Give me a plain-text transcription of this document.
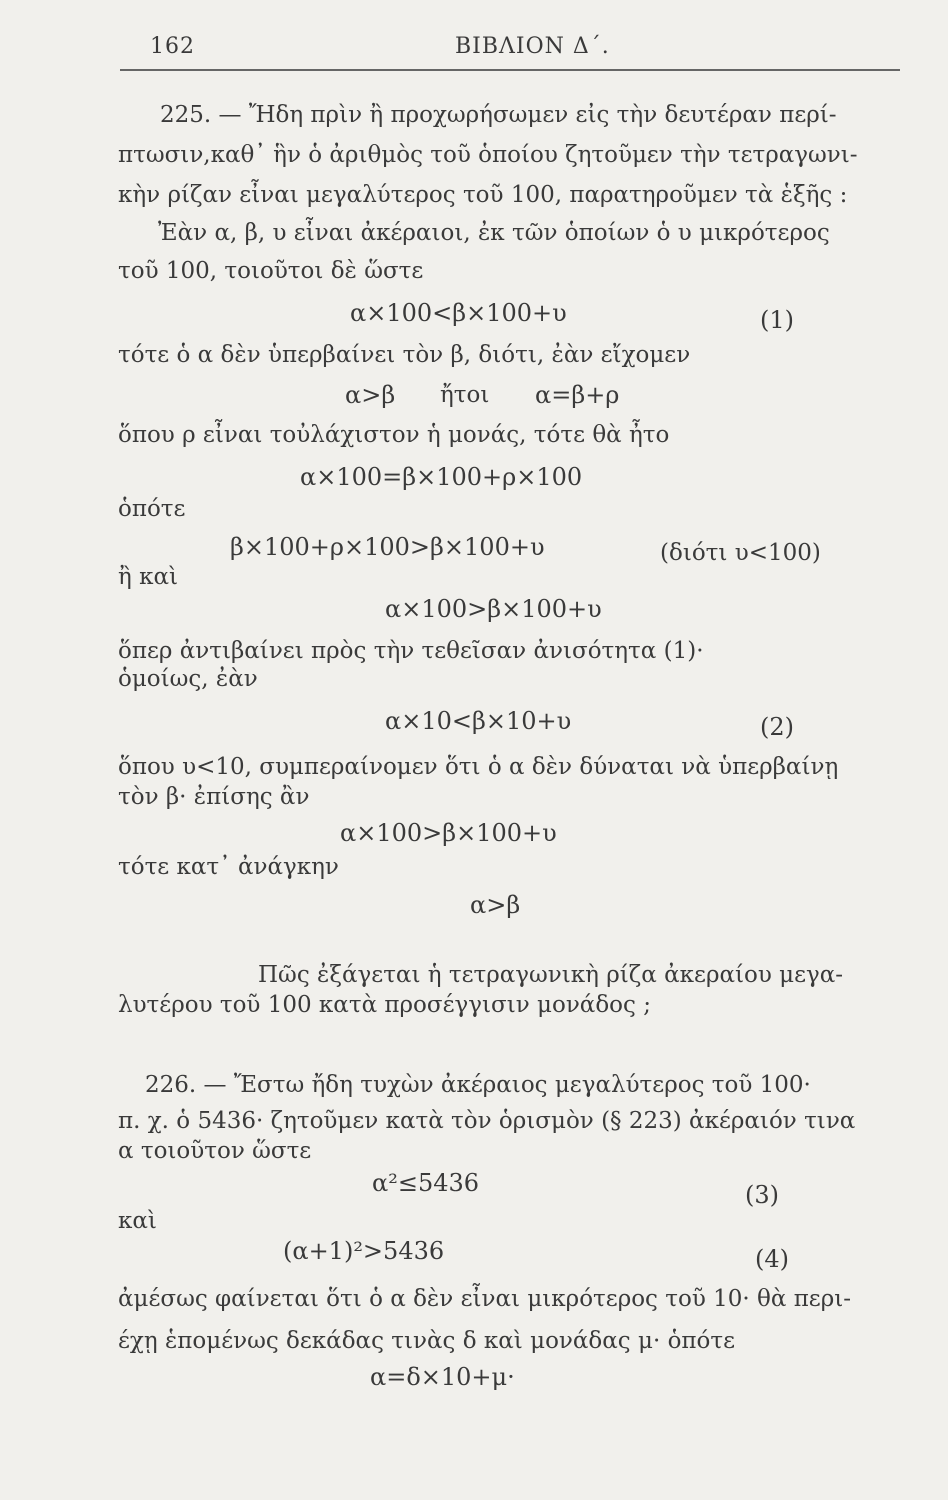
162	ΒΙΒΛΙΟΝ Δ΄.
225. — Ἤδη πρὶν ἢ προχωρήσωμεν εἰς τὴν δευτέραν περί-
πτωσιν,καθ᾽ ἣν ὁ ἀριθμὸς τοῦ ὁποίου ζητοῦμεν τὴν τετραγωνι-
κὴν ρίζαν εἶναι μεγαλύτερος τοῦ 100, παρατηροῦμεν τὰ ἑξῆς :
Ἐὰν α, β, υ εἶναι ἀκέραιοι, ἐκ τῶν ὁποίων ὁ υ μικρότερος
τοῦ 100, τοιοῦτοι δὲ ὥστε
α×100<β×100+υ	(1)
τότε ὁ α δὲν ὑπερβαίνει τὸν β, διότι, ἐὰν εἴχομεν
α>β ἤτοι α=β+ρ
ὅπου ρ εἶναι τοὐλάχιστον ἡ μονάς, τότε θὰ ἦτο
α×100=β×100+ρ×100
ὁπότε
β×100+ρ×100>β×100+υ	(διότι υ<100)
ἢ καὶ
α×100>β×100+υ
ὅπερ ἀντιβαίνει πρὸς τὴν τεθεῖσαν ἀνισότητα (1)·
ὁμοίως, ἐὰν
α×10<β×10+υ	(2)
ὅπου υ<10, συμπεραίνομεν ὅτι ὁ α δὲν δύναται νὰ ὑπερβαίνῃ
τὸν β· ἐπίσης ἂν
α×100>β×100+υ
τότε κατ᾽ ἀνάγκην
α>β
Πῶς ἐξάγεται ἡ τετραγωνικὴ ρίζα ἀκεραίου μεγα-
λυτέρου τοῦ 100 κατὰ προσέγγισιν μονάδος ;
226. — Ἔστω ἤδη τυχὼν ἀκέραιος μεγαλύτερος τοῦ 100·
π. χ. ὁ 5436· ζητοῦμεν κατὰ τὸν ὁρισμὸν (§ 223) ἀκέραιόν τινα
α τοιοῦτον ὥστε
α²≤5436	(3)
καὶ
(α+1)²>5436	(4)
ἀμέσως φαίνεται ὅτι ὁ α δὲν εἶναι μικρότερος τοῦ 10· θὰ περι-
έχῃ ἑπομένως δεκάδας τινὰς δ καὶ μονάδας μ· ὁπότε
α=δ×10+μ·
